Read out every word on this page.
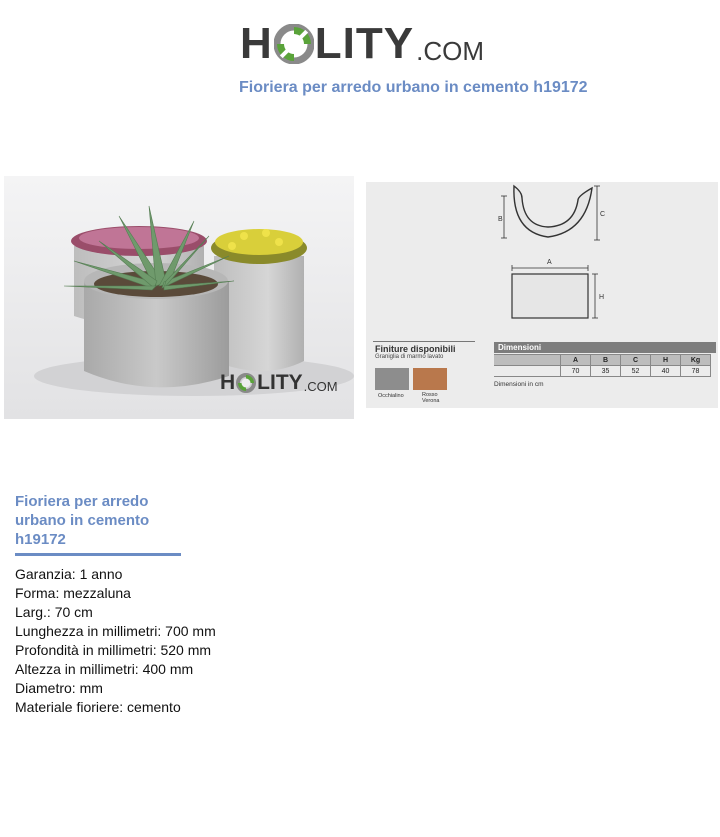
H LITY .COM
Fioriera per arredo urbano in cemento h19172
H LITY .COM
B
C
A
H
Finiture disponibili
Graniglia di marmo lavato
Occhialino	Rosso Verona
Dimensioni
	A	B	C	H	Kg
	70	35	52	40	78
Dimensioni in cm
Fioriera per arredo urbano in cemento h19172
Garanzia: 1 anno
Forma: mezzaluna
Larg.: 70 cm
Lunghezza in millimetri: 700 mm
Profondità in millimetri: 520 mm
Altezza in millimetri: 400 mm
Diametro: mm
Materiale fioriere: cemento
